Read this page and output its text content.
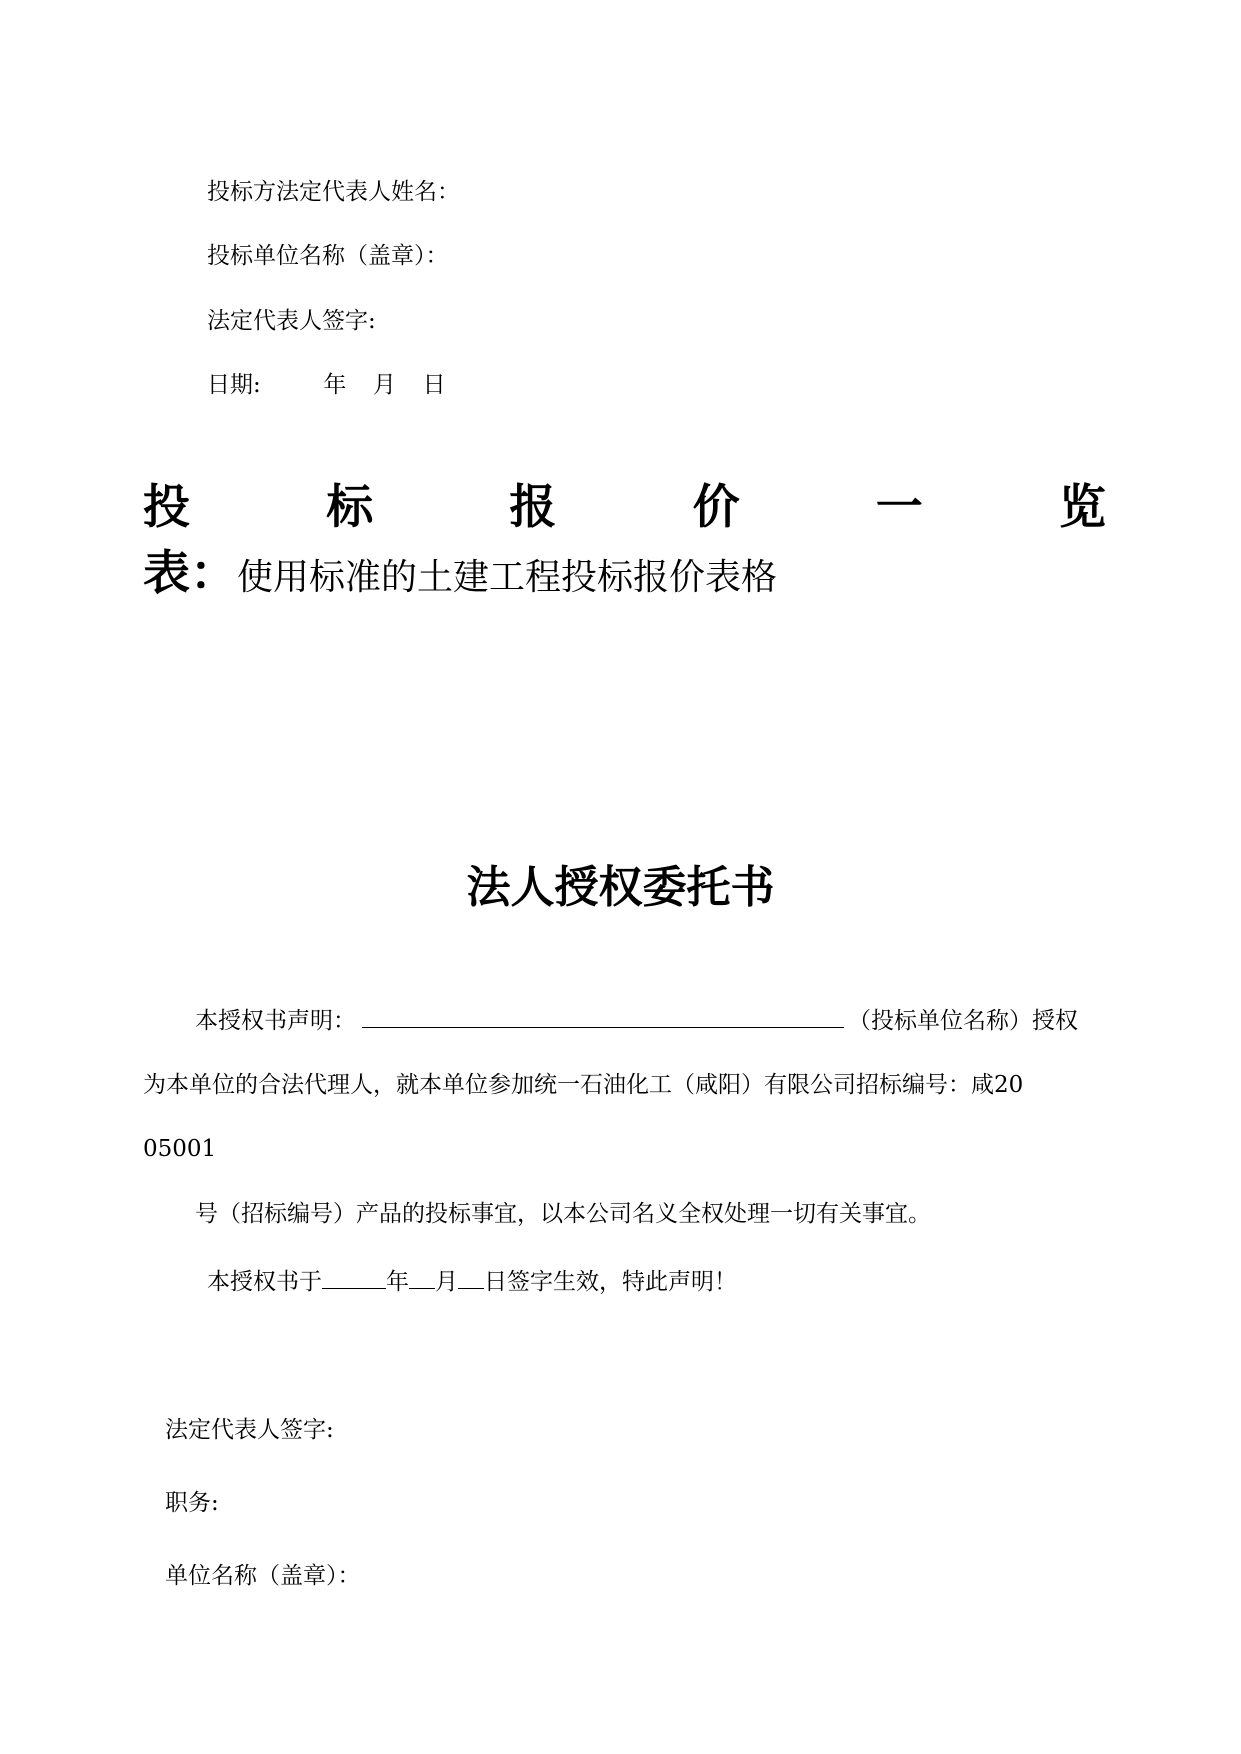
投标方法定代表人姓名：
投标单位名称（盖章）：
法定代表人签字:
日期:	年 月 日
投	标	报	价	一	览
表：使用标准的土建工程投标报价表格
法人授权委托书
本授权书声明：	（投标单位名称）授权
为本单位的合法代理人，就本单位参加统一石油化工（咸阳）有限公司招标编号：咸20
05001
号（招标编号）产品的投标事宜，以本公司名义全权处理一切有关事宜。
本授权书于	年 月 日签字生效，特此声明！
法定代表人签字:
职务:
单位名称（盖章）：
